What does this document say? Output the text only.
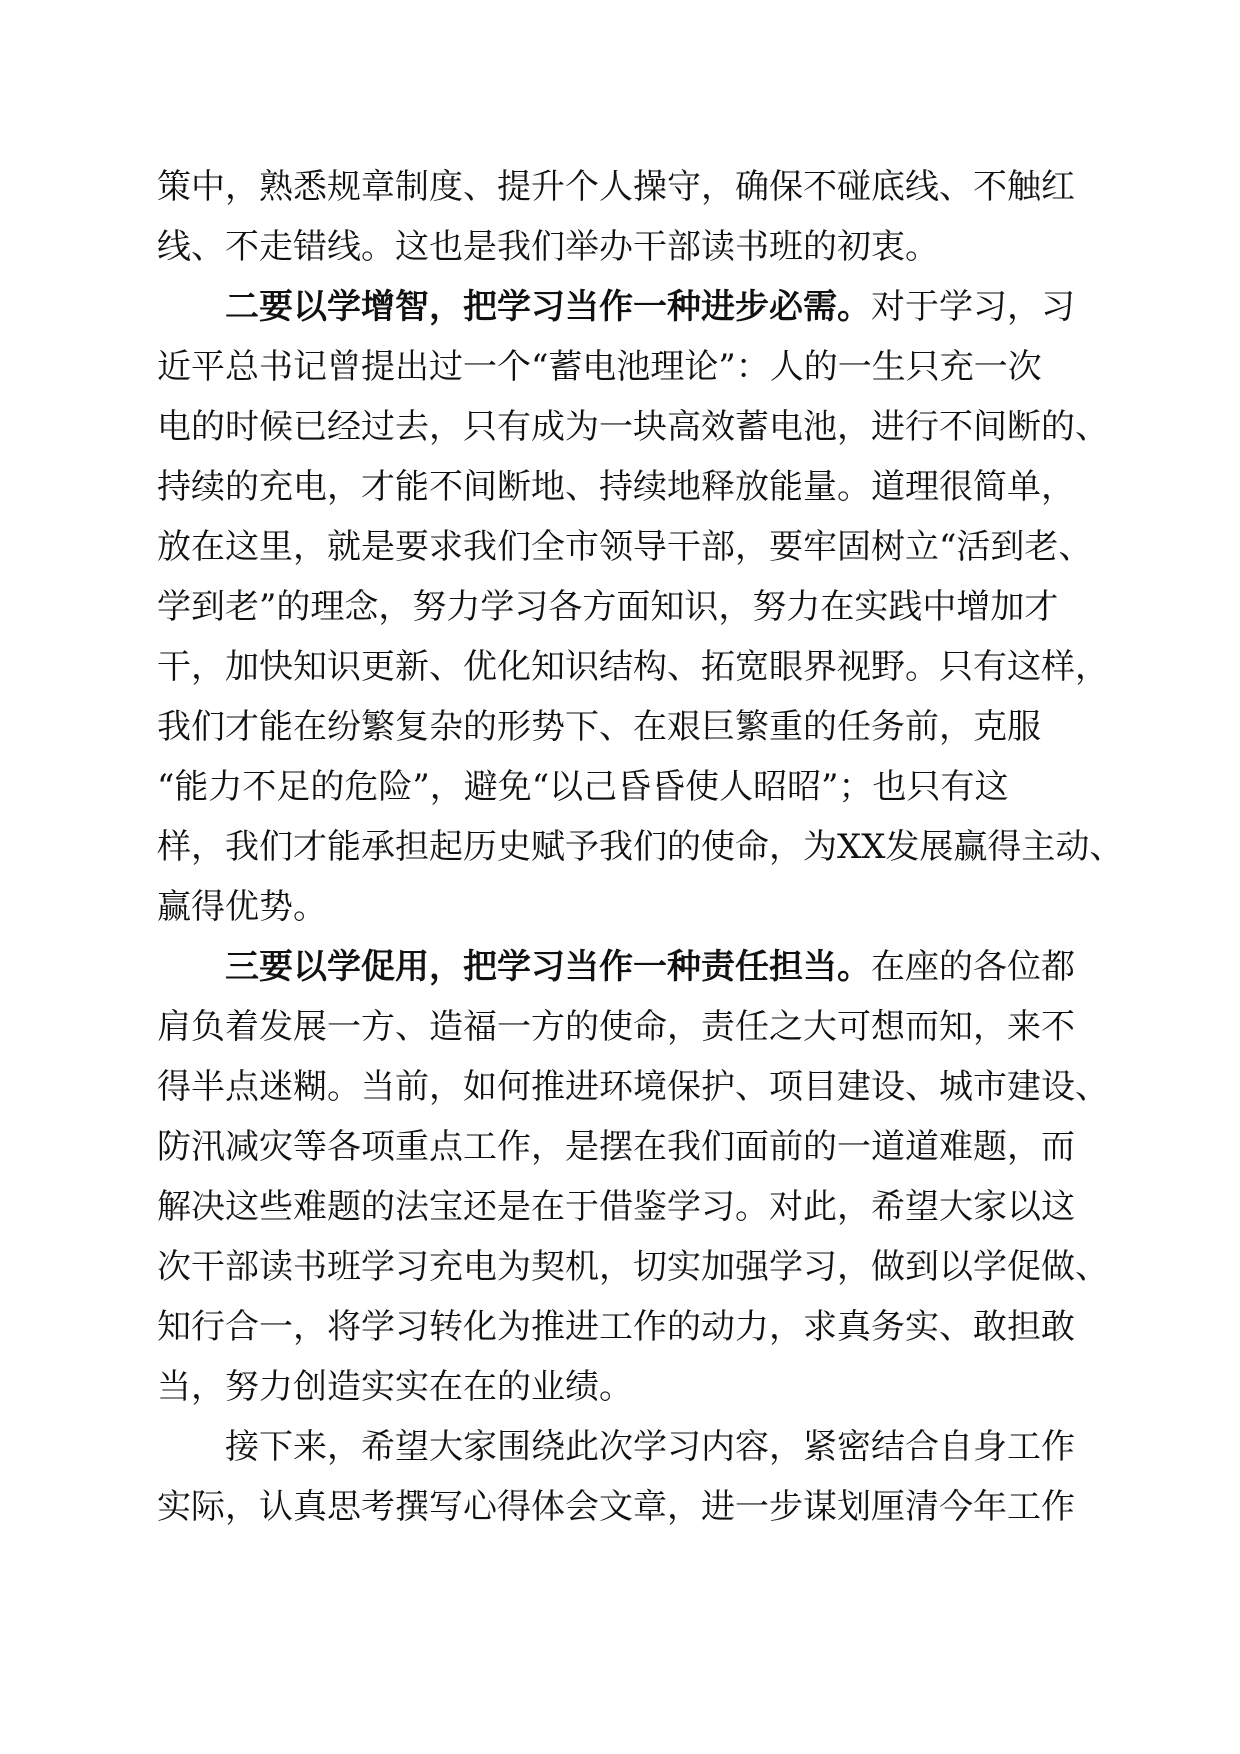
策中，熟悉规章制度、提升个人操守，确保不碰底线、不触红
线、不走错线。这也是我们举办干部读书班的初衷。
二要以学增智，把学习当作一种进步必需。对于学习，习
近平总书记曾提出过一个“蓄电池理论”：人的一生只充一次
电的时候已经过去，只有成为一块高效蓄电池，进行不间断的、
持续的充电，才能不间断地、持续地释放能量。道理很简单，
放在这里，就是要求我们全市领导干部，要牢固树立“活到老、
学到老”的理念，努力学习各方面知识，努力在实践中增加才
干，加快知识更新、优化知识结构、拓宽眼界视野。只有这样，
我们才能在纷繁复杂的形势下、在艰巨繁重的任务前，克服
“能力不足的危险”，避免“以己昏昏使人昭昭”；也只有这
样，我们才能承担起历史赋予我们的使命，为XX发展赢得主动、
赢得优势。
三要以学促用，把学习当作一种责任担当。在座的各位都
肩负着发展一方、造福一方的使命，责任之大可想而知，来不
得半点迷糊。当前，如何推进环境保护、项目建设、城市建设、
防汛减灾等各项重点工作，是摆在我们面前的一道道难题，而
解决这些难题的法宝还是在于借鉴学习。对此，希望大家以这
次干部读书班学习充电为契机，切实加强学习，做到以学促做、
知行合一，将学习转化为推进工作的动力，求真务实、敢担敢
当，努力创造实实在在的业绩。
接下来，希望大家围绕此次学习内容，紧密结合自身工作
实际，认真思考撰写心得体会文章，进一步谋划厘清今年工作
